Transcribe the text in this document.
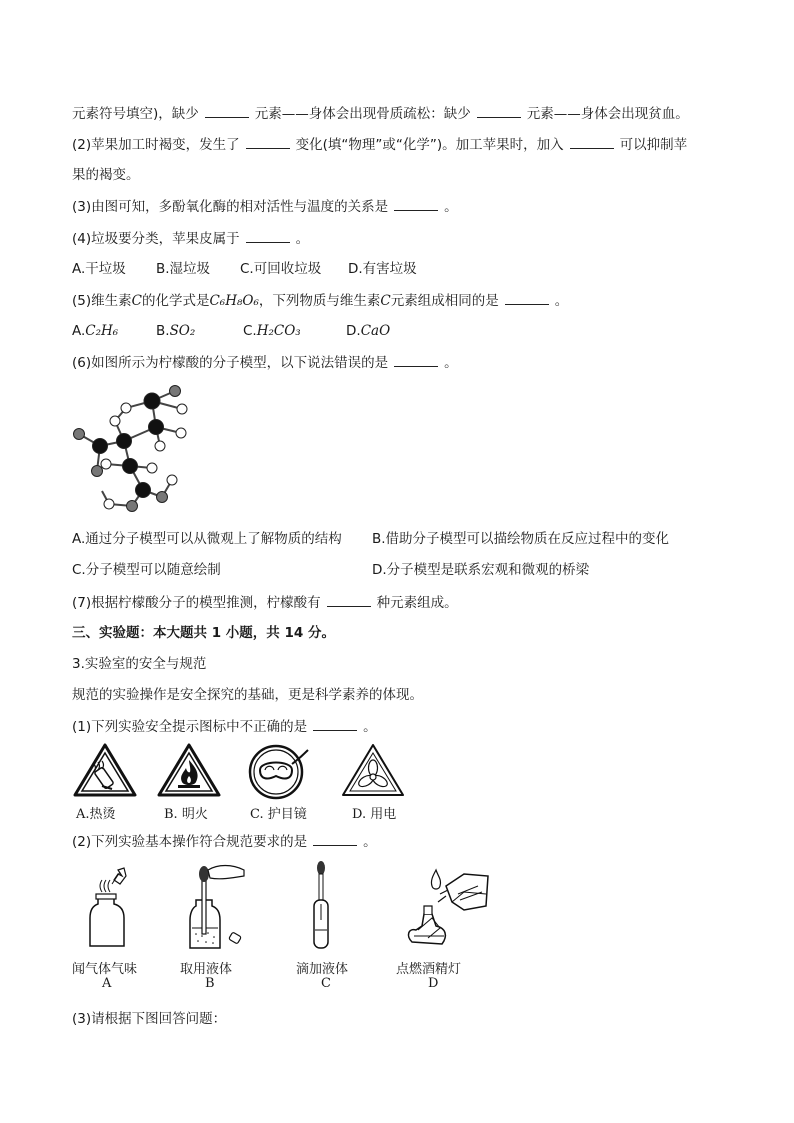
元素符号填空)，缺少	元素——身体会出现骨质疏松：缺少	元素——身体会出现贫血。
(2)苹果加工时褐变，发生了	变化(填“物理”或“化学”)。加工苹果时，加入	可以抑制苹
果的褐变。
(3)由图可知，多酚氧化酶的相对活性与温度的关系是	。
(4)垃圾要分类，苹果皮属于	。
A.干垃圾 B.湿垃圾 C.可回收垃圾 D.有害垃圾
(5)维生素C的化学式是C₆H₈O₆，下列物质与维生素C元素组成相同的是	。
A.C₂H₆	B.SO₂	C.H₂CO₃	D.CaO
(6)如图所示为柠檬酸的分子模型，以下说法错误的是	。
A.通过分子模型可以从微观上了解物质的结构 B.借助分子模型可以描绘物质在反应过程中的变化
C.分子模型可以随意绘制	D.分子模型是联系宏观和微观的桥梁
(7)根据柠檬酸分子的模型推测，柠檬酸有	种元素组成。
三、实验题：本大题共 1 小题，共 14 分。
3.实验室的安全与规范
规范的实验操作是安全探究的基础，更是科学素养的体现。
(1)下列实验安全提示图标中不正确的是	。
A.热烫	B. 明火	C. 护目镜	D. 用电
(2)下列实验基本操作符合规范要求的是	。
闻气体气味	取用液体	滴加液体	点燃酒精灯
A	B	C	D
(3)请根据下图回答问题：
